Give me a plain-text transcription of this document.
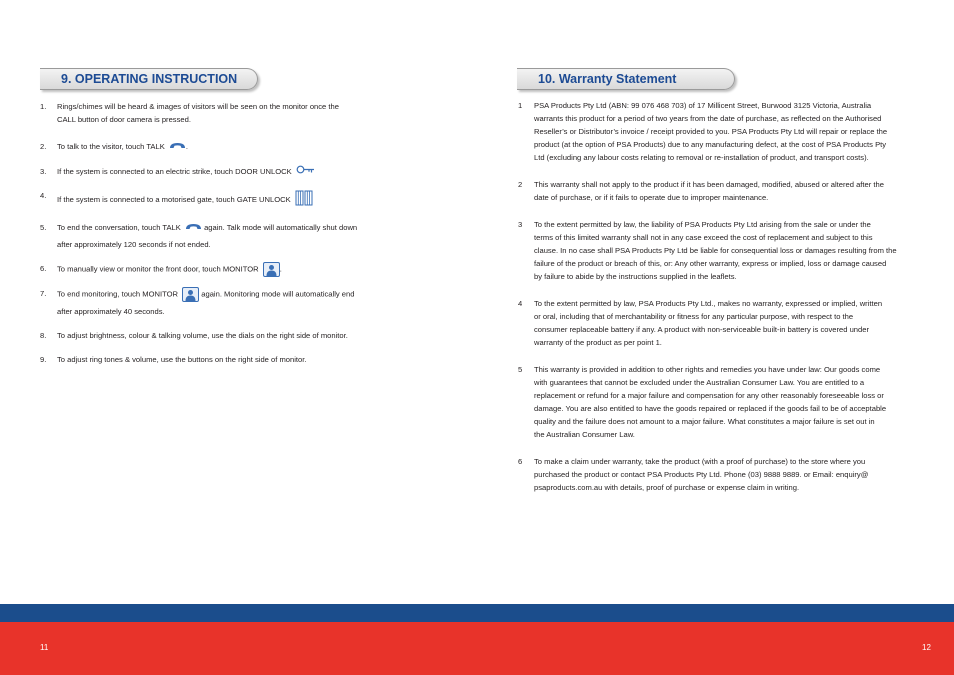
9. OPERATING INSTRUCTION
1. Rings/chimes will be heard & images of visitors will be seen on the monitor once the
CALL button of door camera is pressed.
2. To talk to the visitor, touch TALK	.
3. If the system is connected to an electric strike, touch DOOR UNLOCK
4. If the system is connected to a motorised gate, touch GATE UNLOCK
5. To end the conversation, touch TALK	again. Talk mode will automatically shut down
after approximately 120 seconds if not ended.
6. To manually view or monitor the front door, touch MONITOR	.
7. To end monitoring, touch MONITOR	again. Monitoring mode will automatically end
after approximately 40 seconds.
8. To adjust brightness, colour & talking volume, use the dials on the right side of monitor.
9. To adjust ring tones & volume, use the buttons on the right side of monitor.
10. Warranty Statement
1 PSA Products Pty Ltd (ABN: 99 076 468 703) of 17 Millicent Street, Burwood 3125 Victoria, Australia
warrants this product for a period of two years from the date of purchase, as reflected on the Authorised
Reseller’s or Distributor’s invoice / receipt provided to you. PSA Products Pty Ltd will repair or replace the
product (at the option of PSA Products) due to any manufacturing defect, at the cost of PSA Products Pty
Ltd (excluding any labour costs relating to removal or re-installation of product, and transport costs).
2 This warranty shall not apply to the product if it has been damaged, modified, abused or altered after the
date of purchase, or if it fails to operate due to improper maintenance.
3 To the extent permitted by law, the liability of PSA Products Pty Ltd arising from the sale or under the
terms of this limited warranty shall not in any case exceed the cost of replacement and subject to this
clause. In no case shall PSA Products Pty Ltd be liable for consequential loss or damages resulting from the
failure of the product or breach of this, or: Any other warranty, express or implied, loss or damage caused
by failure to abide by the instructions supplied in the leaflets.
4 To the extent permitted by law, PSA Products Pty Ltd., makes no warranty, expressed or implied, written
or oral, including that of merchantability or fitness for any particular purpose, with respect to the
consumer replaceable battery if any. A product with non-serviceable built-in battery is covered under
warranty of the product as per point 1.
5 This warranty is provided in addition to other rights and remedies you have under law: Our goods come
with guarantees that cannot be excluded under the Australian Consumer Law. You are entitled to a
replacement or refund for a major failure and compensation for any other reasonably foreseeable loss or
damage. You are also entitled to have the goods repaired or replaced if the goods fail to be of acceptable
quality and the failure does not amount to a major failure. What constitutes a major failure is set out in
the Australian Consumer Law.
6 To make a claim under warranty, take the product (with a proof of purchase) to the store where you
purchased the product or contact PSA Products Pty Ltd. Phone (03) 9888 9889. or Email: enquiry@
psaproducts.com.au with details, proof of purchase or expense claim in writing.
11	12
